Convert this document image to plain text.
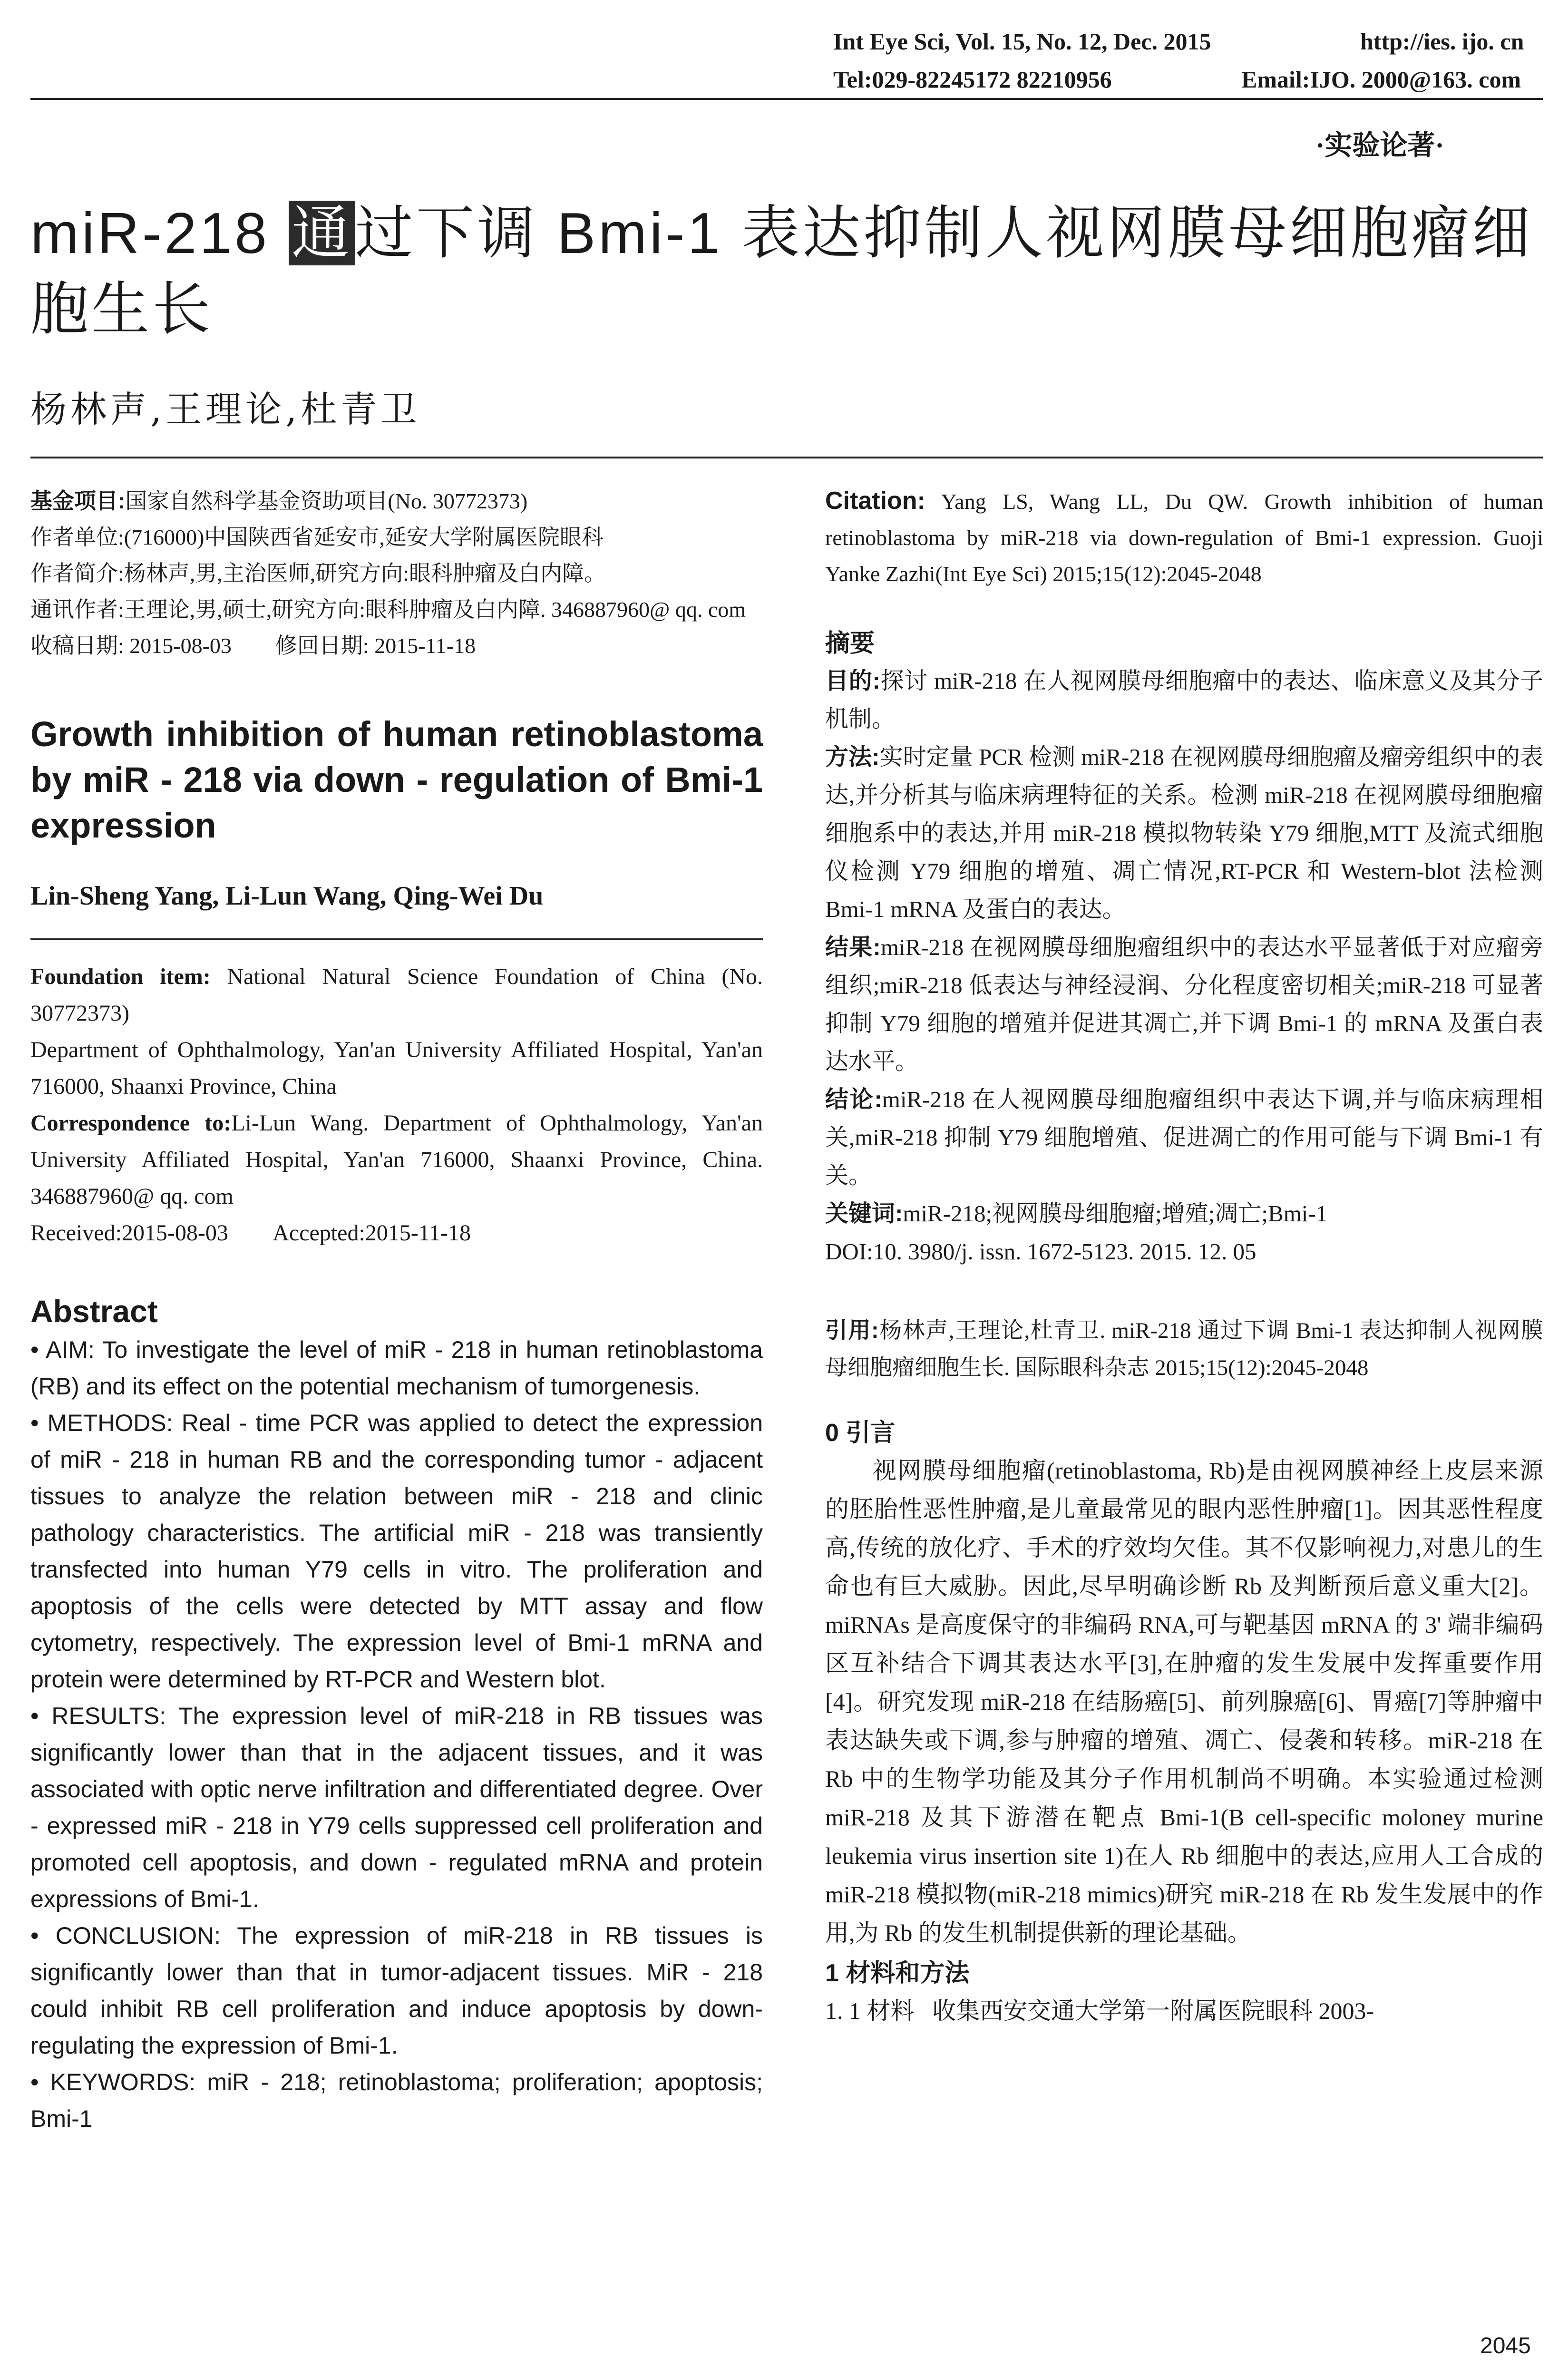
Int Eye Sci, Vol. 15, No. 12, Dec. 2015	http://ies. ijo. cn
Tel:029-82245172 82210956	Email:IJO. 2000@163. com
·实验论著·
miR-218 通过下调 Bmi-1 表达抑制人视网膜母细胞瘤细胞生长
杨林声,王理论,杜青卫

基金项目:国家自然科学基金资助项目(No. 30772373)

作者单位:(716000)中国陕西省延安市,延安大学附属医院眼科

作者简介:杨林声,男,主治医师,研究方向:眼科肿瘤及白内障。

通讯作者:王理论,男,硕士,研究方向:眼科肿瘤及白内障. 346887960@ qq. com

收稿日期: 2015-08-03        修回日期: 2015-11-18

Growth inhibition of human retinoblastoma by miR - 218 via down - regulation of Bmi-1 expression
Lin-Sheng Yang, Li-Lun Wang, Qing-Wei Du

Foundation item: National Natural Science Foundation of China (No. 30772373)

Department of Ophthalmology, Yan'an University Affiliated Hospital, Yan'an 716000, Shaanxi Province, China

Correspondence to:Li-Lun Wang. Department of Ophthalmology, Yan'an University Affiliated Hospital, Yan'an 716000, Shaanxi Province, China. 346887960@ qq. com

Received:2015-08-03        Accepted:2015-11-18

Abstract

• AIM: To investigate the level of miR - 218 in human retinoblastoma (RB) and its effect on the potential mechanism of tumorgenesis.

• METHODS: Real - time PCR was applied to detect the expression of miR - 218 in human RB and the corresponding tumor - adjacent tissues to analyze the relation between miR - 218 and clinic pathology characteristics. The artificial miR - 218 was transiently transfected into human Y79 cells in vitro. The proliferation and apoptosis of the cells were detected by MTT assay and flow cytometry, respectively. The expression level of Bmi-1 mRNA and protein were determined by RT-PCR and Western blot.

• RESULTS: The expression level of miR-218 in RB tissues was significantly lower than that in the adjacent tissues, and it was associated with optic nerve infiltration and differentiated degree. Over - expressed miR - 218 in Y79 cells suppressed cell proliferation and promoted cell apoptosis, and down - regulated mRNA and protein expressions of Bmi-1.

• CONCLUSION: The expression of miR-218 in RB tissues is significantly lower than that in tumor-adjacent tissues. MiR - 218 could inhibit RB cell proliferation and induce apoptosis by down-regulating the expression of Bmi-1.

• KEYWORDS: miR - 218; retinoblastoma; proliferation; apoptosis; Bmi-1

Citation: Yang LS, Wang LL, Du QW. Growth inhibition of human retinoblastoma by miR-218 via down-regulation of Bmi-1 expression. Guoji Yanke Zazhi(Int Eye Sci) 2015;15(12):2045-2048

摘要

目的:探讨 miR-218 在人视网膜母细胞瘤中的表达、临床意义及其分子机制。

方法:实时定量 PCR 检测 miR-218 在视网膜母细胞瘤及瘤旁组织中的表达,并分析其与临床病理特征的关系。检测 miR-218 在视网膜母细胞瘤细胞系中的表达,并用 miR-218 模拟物转染 Y79 细胞,MTT 及流式细胞仪检测 Y79 细胞的增殖、凋亡情况,RT-PCR 和 Western-blot 法检测 Bmi-1 mRNA 及蛋白的表达。

结果:miR-218 在视网膜母细胞瘤组织中的表达水平显著低于对应瘤旁组织;miR-218 低表达与神经浸润、分化程度密切相关;miR-218 可显著抑制 Y79 细胞的增殖并促进其凋亡,并下调 Bmi-1 的 mRNA 及蛋白表达水平。

结论:miR-218 在人视网膜母细胞瘤组织中表达下调,并与临床病理相关,miR-218 抑制 Y79 细胞增殖、促进凋亡的作用可能与下调 Bmi-1 有关。

关键词:miR-218;视网膜母细胞瘤;增殖;凋亡;Bmi-1

DOI:10. 3980/j. issn. 1672-5123. 2015. 12. 05

引用:杨林声,王理论,杜青卫. miR-218 通过下调 Bmi-1 表达抑制人视网膜母细胞瘤细胞生长. 国际眼科杂志 2015;15(12):2045-2048

0 引言

视网膜母细胞瘤(retinoblastoma, Rb)是由视网膜神经上皮层来源的胚胎性恶性肿瘤,是儿童最常见的眼内恶性肿瘤[1]。因其恶性程度高,传统的放化疗、手术的疗效均欠佳。其不仅影响视力,对患儿的生命也有巨大威胁。因此,尽早明确诊断 Rb 及判断预后意义重大[2]。miRNAs 是高度保守的非编码 RNA,可与靶基因 mRNA 的 3' 端非编码区互补结合下调其表达水平[3],在肿瘤的发生发展中发挥重要作用[4]。研究发现 miR-218 在结肠癌[5]、前列腺癌[6]、胃癌[7]等肿瘤中表达缺失或下调,参与肿瘤的增殖、凋亡、侵袭和转移。miR-218 在 Rb 中的生物学功能及其分子作用机制尚不明确。本实验通过检测 miR-218 及其下游潜在靶点 Bmi-1(B cell-specific moloney murine leukemia virus insertion site 1)在人 Rb 细胞中的表达,应用人工合成的 miR-218 模拟物(miR-218 mimics)研究 miR-218 在 Rb 发生发展中的作用,为 Rb 的发生机制提供新的理论基础。

1 材料和方法

1. 1 材料   收集西安交通大学第一附属医院眼科 2003-

2045
